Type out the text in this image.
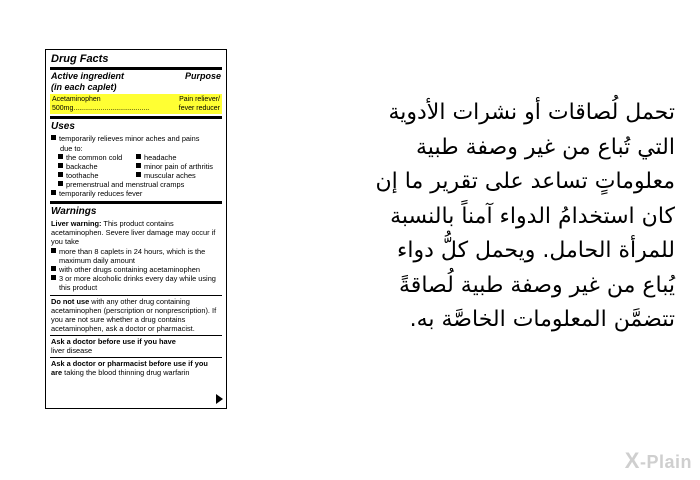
Drug Facts
Active ingredient
(in each caplet)
Purpose
Acetaminophen	Pain reliever/
500mg.......................................	fever reducer
Uses
temporarily relieves minor aches and pains
due to:
the common cold	headache
backache	minor pain of arthritis
toothache	muscular aches
premenstrual and menstrual cramps
temporarily reduces fever
Warnings
Liver warning: This product contains acetaminophen. Severe liver damage may occur if you take
more than 8 caplets in 24 hours, which is the maximum daily amount
with other drugs containing acetaminophen
3 or more alcoholic drinks every day while using this product
Do not use with any other drug containing acetaminophen (perscription or nonprescription). If you are not sure whether a drug contains acetaminophen, ask a doctor or pharmacist.
Ask a doctor before use if you have
liver disease
Ask a doctor or pharmacist before use if you are taking the blood thinning drug warfarin
تحمل لُصاقات أو نشرات الأدوية
التي تُباع من غير وصفة طبية
معلوماتٍ تساعد على تقرير ما إن
كان استخدامُ الدواء آمناً بالنسبة
للمرأة الحامل. ويحمل كلُّ دواء
يُباع من غير وصفة طبية لُصاقةً
تتضمَّن المعلومات الخاصَّة به.
X-Plain
